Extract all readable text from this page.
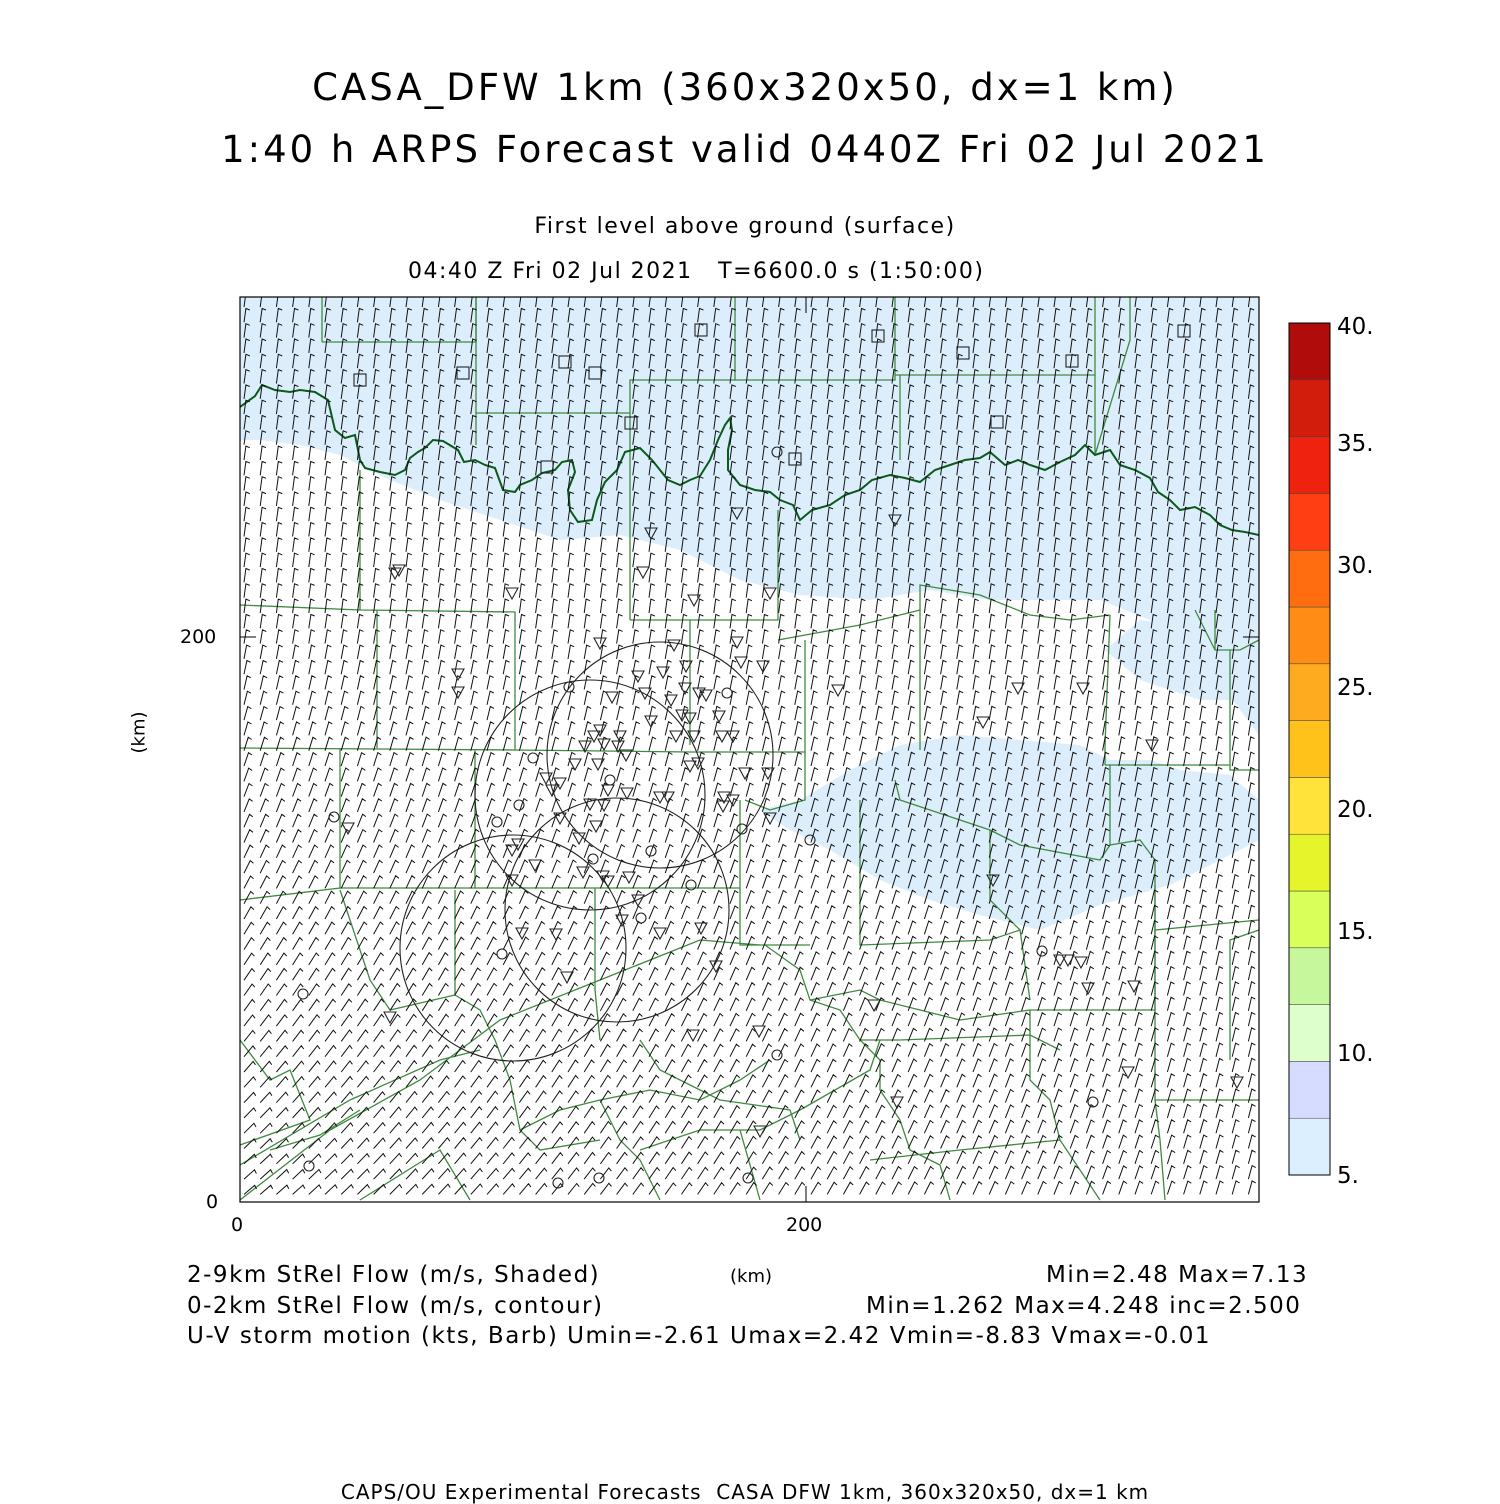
CASA_DFW 1km (360x320x50, dx=1 km)
1:40 h ARPS Forecast valid 0440Z Fri 02 Jul 2021
First level above ground (surface)
04:40 Z Fri 02 Jul 2021   T=6600.0 s (1:50:00)
0
200
0	200
(km)
(km)
5.
10.
15.
20.
25.
30.
35.
40.
2-9km StRel Flow (m/s, Shaded)	Min=2.48 Max=7.13
0-2km StRel Flow (m/s, contour)	Min=1.262 Max=4.248 inc=2.500
U-V storm motion (kts, Barb) Umin=-2.61 Umax=2.42 Vmin=-8.83 Vmax=-0.01
CAPS/OU Experimental Forecasts  CASA DFW 1km, 360x320x50, dx=1 km
